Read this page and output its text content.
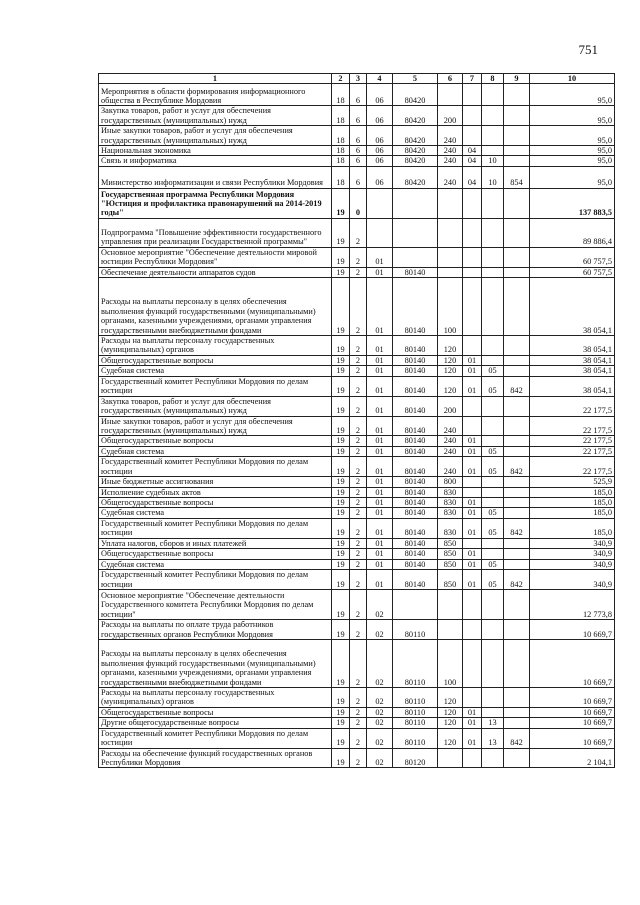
751
1	2	3	4	5	6	7	8	9	10
Мероприятия в области формирования информационного общества в Республике Мордовия	18	6	06	80420					95,0
Закупка товаров, работ и услуг для обеспечения государственных (муниципальных) нужд	18	6	06	80420	200				95,0
Иные закупки товаров, работ и услуг для обеспечения государственных (муниципальных) нужд	18	6	06	80420	240				95,0
Национальная экономика	18	6	06	80420	240	04			95,0
Связь и информатика	18	6	06	80420	240	04	10		95,0
Министерство информатизации и связи Республики Мордовия	18	6	06	80420	240	04	10	854	95,0
Государственная программа Республики Мордовия "Юстиция и профилактика правонарушений на 2014-2019 годы"	19	0							137 883,5
Подпрограмма "Повышение эффективности государственного управления при реализации Государственной программы"	19	2							89 886,4
Основное мероприятие "Обеспечение деятельности мировой юстиции Республики Мордовия"	19	2	01						60 757,5
Обеспечение деятельности аппаратов судов	19	2	01	80140					60 757,5
Расходы на выплаты персоналу в целях обеспечения выполнения функций государственными (муниципальными) органами, казенными учреждениями, органами управления государственными внебюджетными фондами	19	2	01	80140	100				38 054,1
Расходы на выплаты персоналу государственных (муниципальных) органов	19	2	01	80140	120				38 054,1
Общегосударственные вопросы	19	2	01	80140	120	01			38 054,1
Судебная система	19	2	01	80140	120	01	05		38 054,1
Государственный комитет Республики Мордовия по делам юстиции	19	2	01	80140	120	01	05	842	38 054,1
Закупка товаров, работ и услуг для обеспечения государственных (муниципальных) нужд	19	2	01	80140	200				22 177,5
Иные закупки товаров, работ и услуг для обеспечения государственных (муниципальных) нужд	19	2	01	80140	240				22 177,5
Общегосударственные вопросы	19	2	01	80140	240	01			22 177,5
Судебная система	19	2	01	80140	240	01	05		22 177,5
Государственный комитет Республики Мордовия по делам юстиции	19	2	01	80140	240	01	05	842	22 177,5
Иные бюджетные ассигнования	19	2	01	80140	800				525,9
Исполнение судебных актов	19	2	01	80140	830				185,0
Общегосударственные вопросы	19	2	01	80140	830	01			185,0
Судебная система	19	2	01	80140	830	01	05		185,0
Государственный комитет Республики Мордовия по делам юстиции	19	2	01	80140	830	01	05	842	185,0
Уплата налогов, сборов и иных платежей	19	2	01	80140	850				340,9
Общегосударственные вопросы	19	2	01	80140	850	01			340,9
Судебная система	19	2	01	80140	850	01	05		340,9
Государственный комитет Республики Мордовия по делам юстиции	19	2	01	80140	850	01	05	842	340,9
Основное мероприятие "Обеспечение деятельности Государственного комитета Республики Мордовия по делам юстиции"	19	2	02						12 773,8
Расходы на выплаты по оплате труда работников государственных органов Республики Мордовия	19	2	02	80110					10 669,7
Расходы на выплаты персоналу в целях обеспечения выполнения функций государственными (муниципальными) органами, казенными учреждениями, органами управления государственными внебюджетными фондами	19	2	02	80110	100				10 669,7
Расходы на выплаты персоналу государственных (муниципальных) органов	19	2	02	80110	120				10 669,7
Общегосударственные вопросы	19	2	02	80110	120	01			10 669,7
Другие общегосударственные вопросы	19	2	02	80110	120	01	13		10 669,7
Государственный комитет Республики Мордовия по делам юстиции	19	2	02	80110	120	01	13	842	10 669,7
Расходы на обеспечение функций государственных органов Республики Мордовия	19	2	02	80120					2 104,1
